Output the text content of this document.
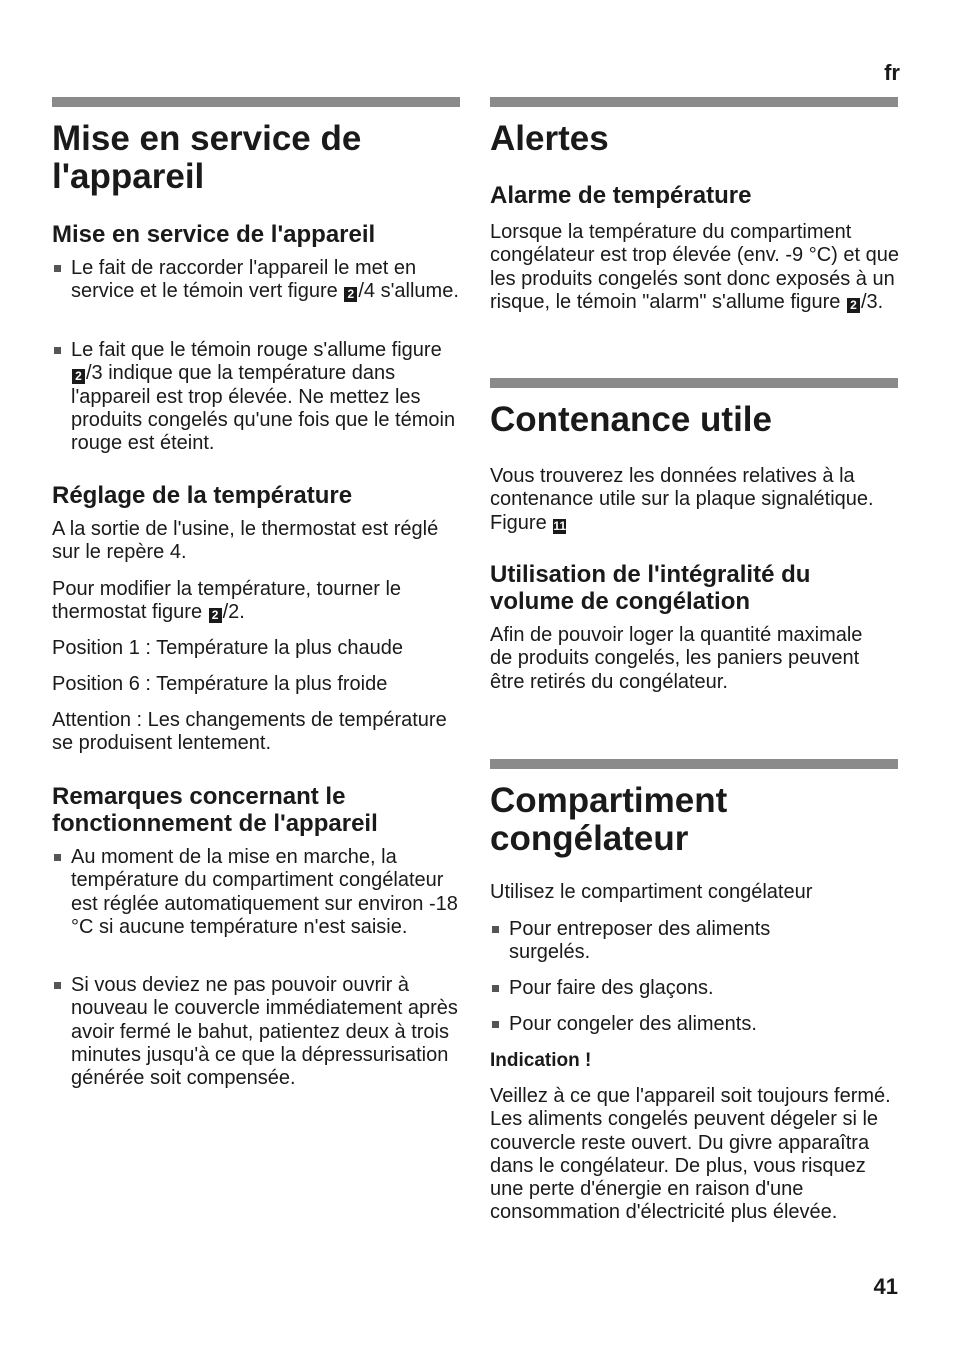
fr
Mise en service de l'appareil
Mise en service de l'appareil

Le fait de raccorder l'appareil le met en service et le témoin vert figure 2 /4 s'allume.

Le fait que le témoin rouge s'allume figure 2 /3 indique que la température dans l'appareil est trop élevée. Ne mettez les produits congelés qu'une fois que le témoin rouge est éteint.

Réglage de la température

A la sortie de l'usine, le thermostat est réglé sur le repère 4.

Pour modifier la température, tourner le thermostat figure 2 /2.

Position 1 : Température la plus chaude

Position 6 : Température la plus froide

Attention : Les changements de température se produisent lentement.

Remarques concernant le fonctionnement de l'appareil

Au moment de la mise en marche, la température du compartiment congélateur est réglée automatiquement sur environ -18 °C si aucune température n'est saisie.

Si vous deviez ne pas pouvoir ouvrir à nouveau le couvercle immédiatement après avoir fermé le bahut, patientez deux à trois minutes jusqu'à ce que la dépressurisation générée soit compensée.

Alertes
Alarme de température

Lorsque la température du compartiment congélateur est trop élevée (env. -9 °C) et que les produits congelés sont donc exposés à un risque, le témoin "alarm" s'allume figure 2 /3.

Contenance utile

Vous trouverez les données relatives à la contenance utile sur la plaque signalétique. Figure 11

Utilisation de l'intégralité du volume de congélation

Afin de pouvoir loger la quantité maximale de produits congelés, les paniers peuvent être retirés du congélateur.

Compartiment congélateur

Utilisez le compartiment congélateur

Pour entreposer des aliments surgelés.

Pour faire des glaçons.

Pour congeler des aliments.

Indication !

Veillez à ce que l'appareil soit toujours fermé. Les aliments congelés peuvent dégeler si le couvercle reste ouvert. Du givre apparaîtra dans le congélateur. De plus, vous risquez une perte d'énergie en raison d'une consommation d'électricité plus élevée.

41
